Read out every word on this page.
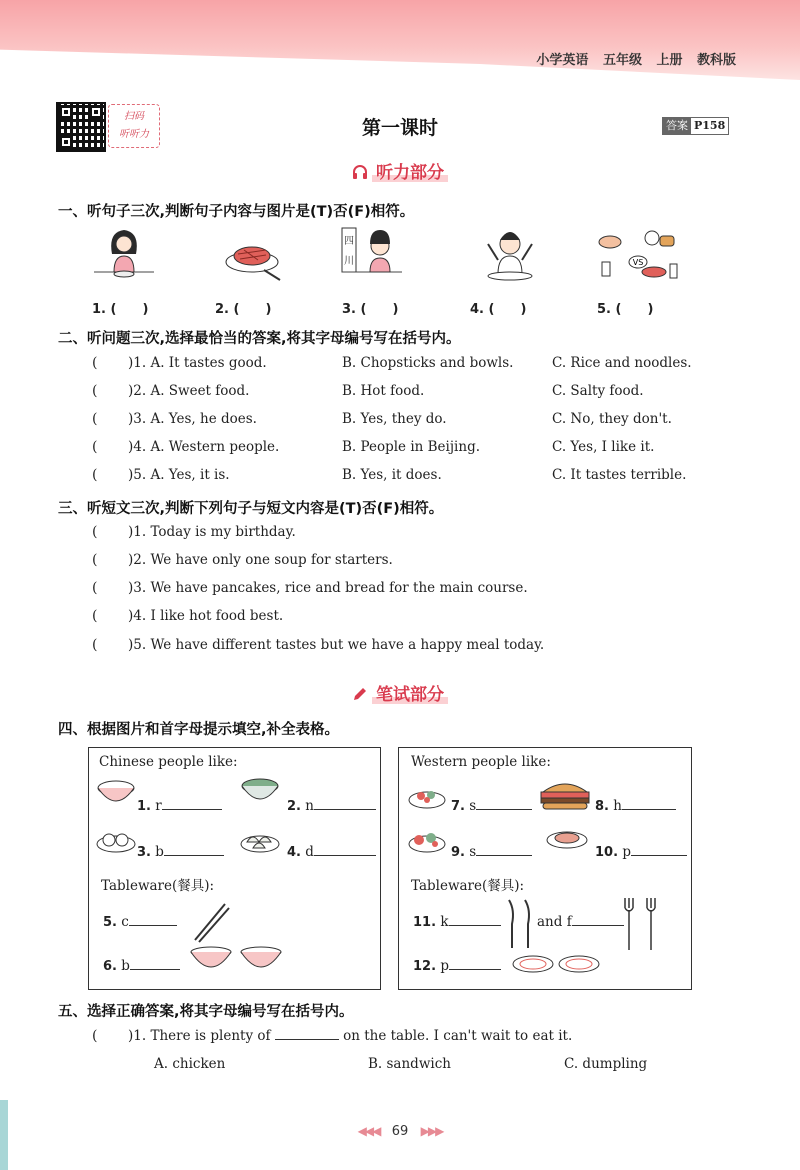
小学英语 五年级 上册 教科版
扫码
听听力	第一课时	答案 P158
听力部分
一、听句子三次,判断句子内容与图片是(T)否(F)相符。
四
川	VS
1. (　　)	2. (　　)	3. (　　)	4. (　　)	5. (　　)
二、听问题三次,选择最恰当的答案,将其字母编号写在括号内。
( )1. A. It tastes good.	B. Chopsticks and bowls.	C. Rice and noodles.
( )2. A. Sweet food.	B. Hot food.	C. Salty food.
( )3. A. Yes, he does.	B. Yes, they do.	C. No, they don't.
( )4. A. Western people.	B. People in Beijing.	C. Yes, I like it.
( )5. A. Yes, it is.	B. Yes, it does.	C. It tastes terrible.
三、听短文三次,判断下列句子与短文内容是(T)否(F)相符。
( )1. Today is my birthday.
( )2. We have only one soup for starters.
( )3. We have pancakes, rice and bread for the main course.
( )4. I like hot food best.
( )5. We have different tastes but we have a happy meal today.
笔试部分
四、根据图片和首字母提示填空,补全表格。
Chinese people like:
1. r	2. n
3. b	4. d
Tableware(餐具):
5. c
6. b
Western people like:
7. s	8. h
9. s	10. p
Tableware(餐具):
11. k	and f
12. p
五、选择正确答案,将其字母编号写在括号内。
( )1. There is plenty of	on the table. I can't wait to eat it.
A. chicken	B. sandwich	C. dumpling
◀◀◀ 69 ▶▶▶
